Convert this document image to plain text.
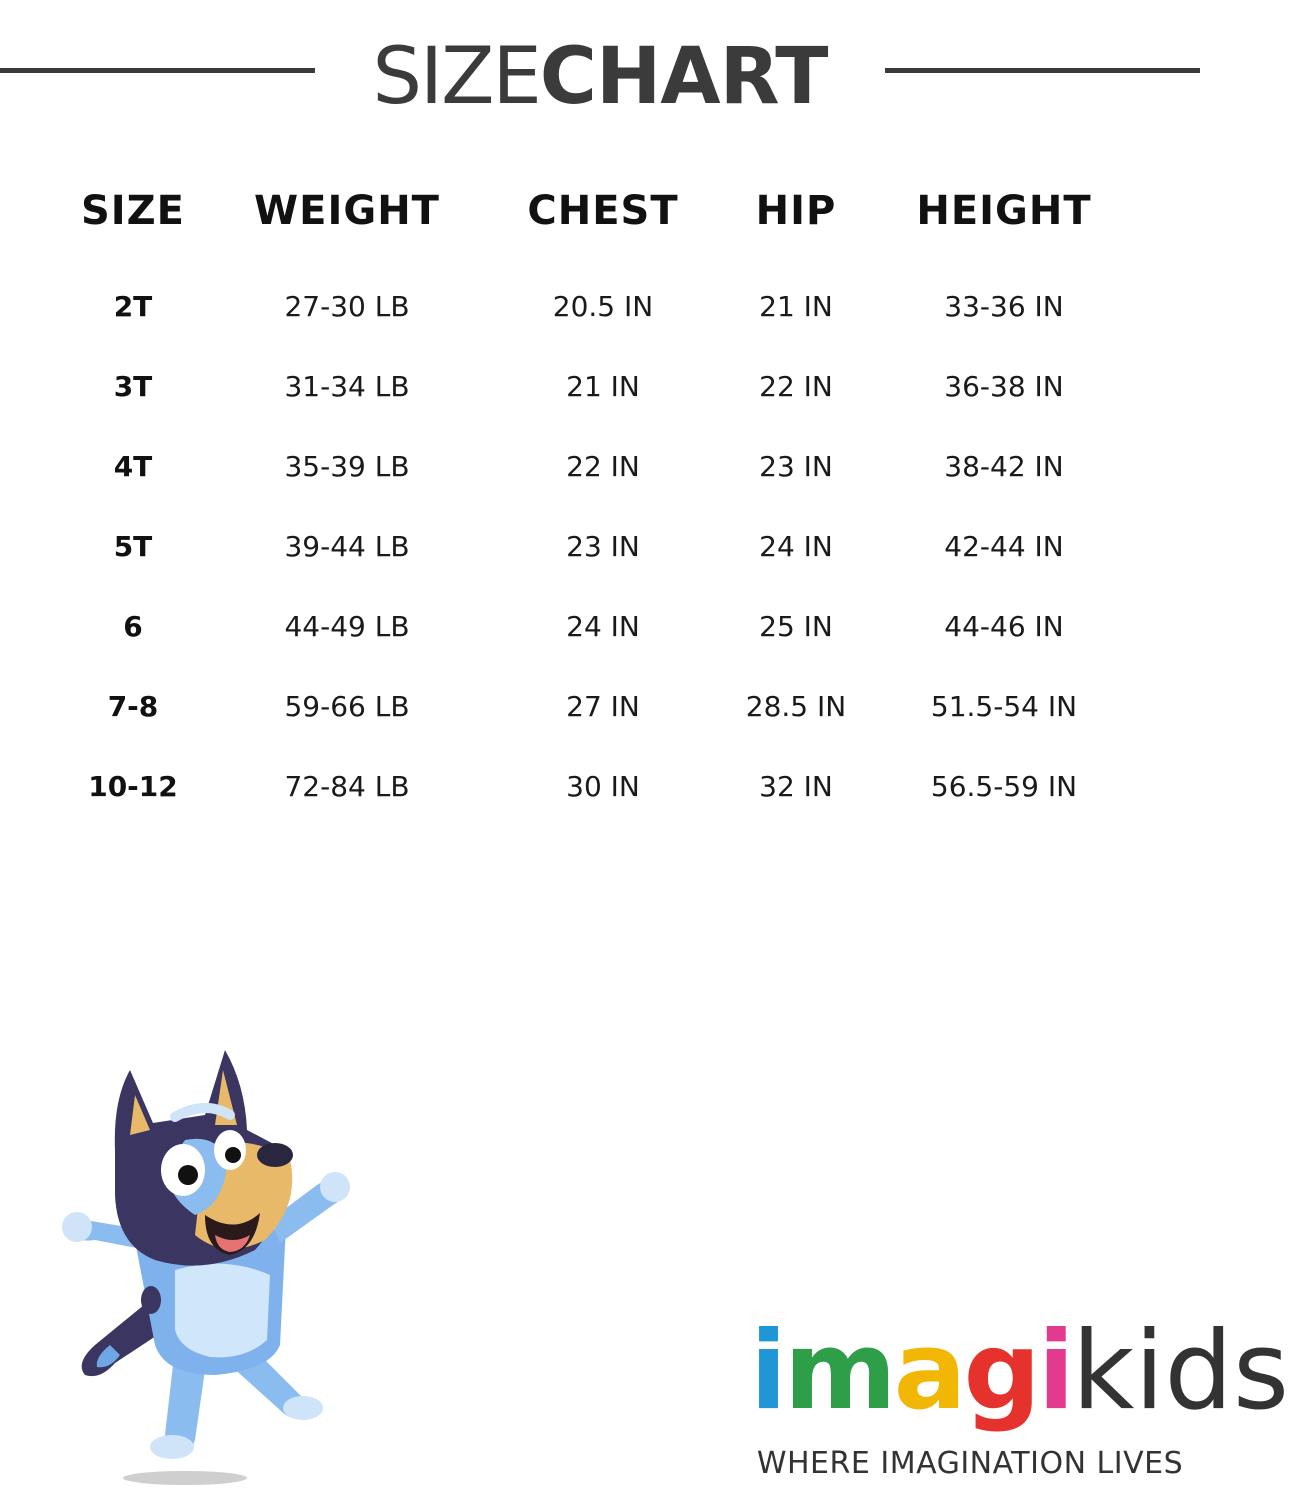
SIZECHART
SIZE WEIGHT CHEST HIP HEIGHT
2T	27-30 LB	20.5 IN	21 IN	33-36 IN
3T	31-34 LB	21 IN	22 IN	36-38 IN
4T	35-39 LB	22 IN	23 IN	38-42 IN
5T	39-44 LB	23 IN	24 IN	42-44 IN
6	44-49 LB	24 IN	25 IN	44-46 IN
7-8	59-66 LB	27 IN	28.5 IN	51.5-54 IN
10-12	72-84 LB	30 IN	32 IN	56.5-59 IN
imagikids
WHERE IMAGINATION LIVES
